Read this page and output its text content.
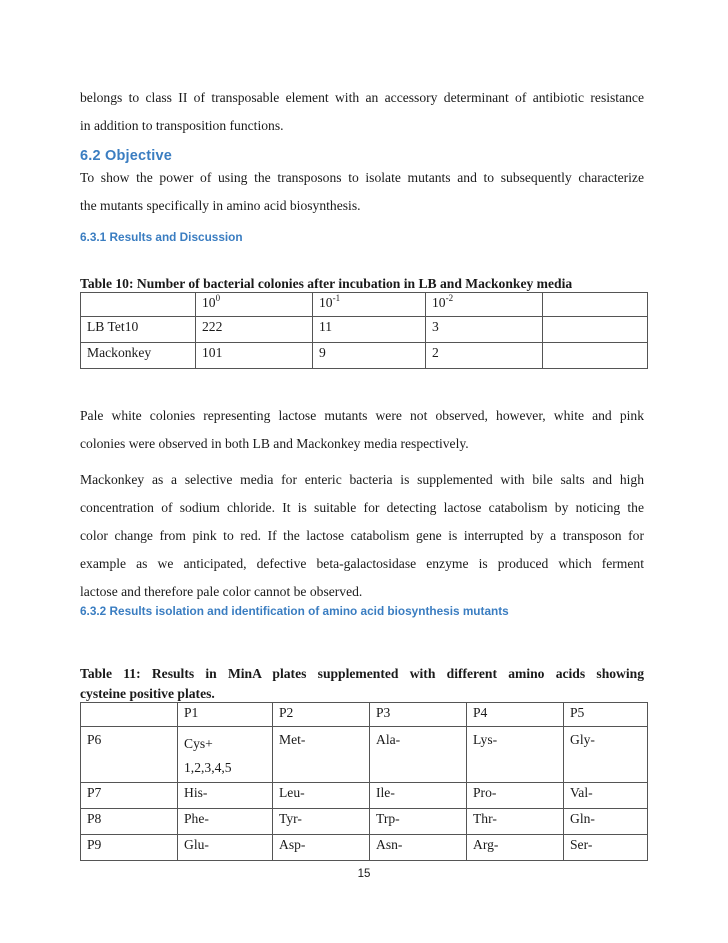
belongs to class II of transposable element with an accessory determinant of antibiotic resistance
in addition to transposition functions.

6.2 Objective

To show the power of using the transposons to isolate mutants and to subsequently characterize
the mutants specifically in amino acid biosynthesis.

6.3.1 Results and Discussion
Table 10: Number of bacterial colonies after incubation in LB and Mackonkey media
	$10^0$	$10^{-1}$	$10^{-2}$	
LB Tet10	222	11	3	
Mackonkey	101	9	2	

Pale white colonies representing lactose mutants were not observed, however, white and pink
colonies were observed in both LB and Mackonkey media respectively.

Mackonkey as a selective media for enteric bacteria is supplemented with bile salts and high
concentration of sodium chloride. It is suitable for detecting lactose catabolism by noticing the
color change from pink to red. If the lactose catabolism gene is interrupted by a transposon for
example as we anticipated, defective beta-galactosidase enzyme is produced which ferment
lactose and therefore pale color cannot be observed.

6.3.2 Results isolation and identification of amino acid biosynthesis mutants
Table 11: Results in MinA plates supplemented with different amino acids showing
cysteine positive plates.
	P1	P2	P3	P4	P5
P6	Cys+
1,2,3,4,5	Met-	Ala-	Lys-	Gly-
P7	His-	Leu-	Ile-	Pro-	Val-
P8	Phe-	Tyr-	Trp-	Thr-	Gln-
P9	Glu-	Asp-	Asn-	Arg-	Ser-
15
